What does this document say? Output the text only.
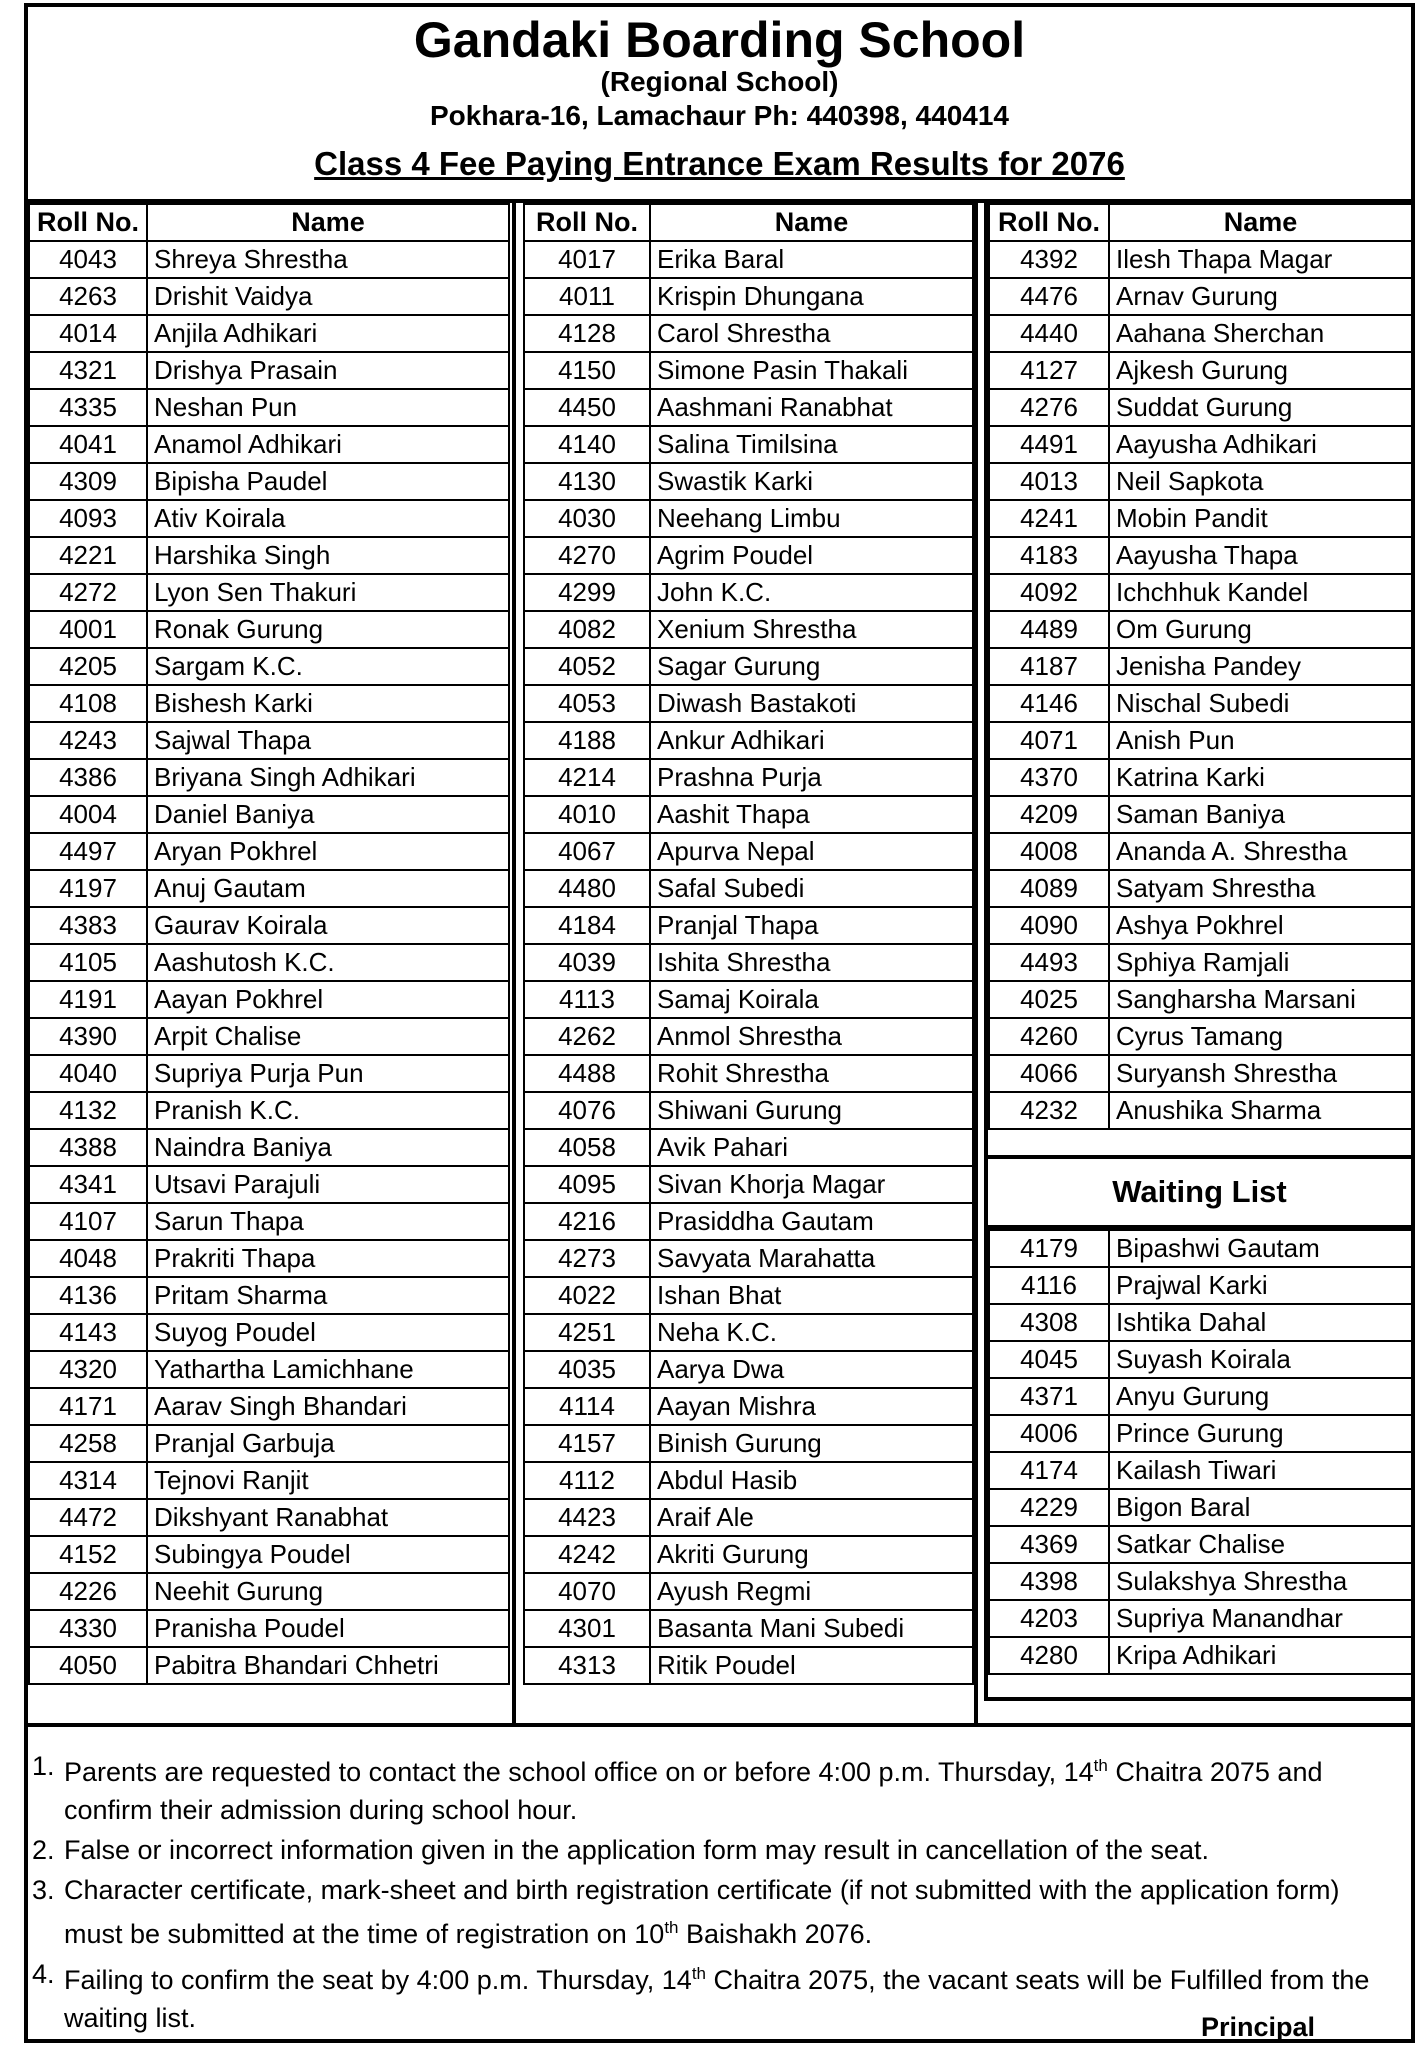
Gandaki Boarding School
(Regional School)
Pokhara-16, Lamachaur Ph: 440398, 440414
Class 4 Fee Paying Entrance Exam Results for 2076
Roll No.	Name
4043	Shreya Shrestha
4263	Drishit Vaidya
4014	Anjila Adhikari
4321	Drishya Prasain
4335	Neshan Pun
4041	Anamol Adhikari
4309	Bipisha Paudel
4093	Ativ Koirala
4221	Harshika Singh
4272	Lyon Sen Thakuri
4001	Ronak Gurung
4205	Sargam K.C.
4108	Bishesh Karki
4243	Sajwal Thapa
4386	Briyana Singh Adhikari
4004	Daniel Baniya
4497	Aryan Pokhrel
4197	Anuj Gautam
4383	Gaurav Koirala
4105	Aashutosh K.C.
4191	Aayan Pokhrel
4390	Arpit Chalise
4040	Supriya Purja Pun
4132	Pranish K.C.
4388	Naindra Baniya
4341	Utsavi Parajuli
4107	Sarun Thapa
4048	Prakriti Thapa
4136	Pritam Sharma
4143	Suyog Poudel
4320	Yathartha Lamichhane
4171	Aarav Singh Bhandari
4258	Pranjal Garbuja
4314	Tejnovi Ranjit
4472	Dikshyant Ranabhat
4152	Subingya Poudel
4226	Neehit Gurung
4330	Pranisha Poudel
4050	Pabitra Bhandari Chhetri
Roll No.	Name
4017	Erika Baral
4011	Krispin Dhungana
4128	Carol Shrestha
4150	Simone Pasin Thakali
4450	Aashmani Ranabhat
4140	Salina Timilsina
4130	Swastik Karki
4030	Neehang Limbu
4270	Agrim Poudel
4299	John K.C.
4082	Xenium Shrestha
4052	Sagar Gurung
4053	Diwash Bastakoti
4188	Ankur Adhikari
4214	Prashna Purja
4010	Aashit Thapa
4067	Apurva Nepal
4480	Safal Subedi
4184	Pranjal Thapa
4039	Ishita Shrestha
4113	Samaj Koirala
4262	Anmol Shrestha
4488	Rohit Shrestha
4076	Shiwani Gurung
4058	Avik Pahari
4095	Sivan Khorja Magar
4216	Prasiddha Gautam
4273	Savyata Marahatta
4022	Ishan Bhat
4251	Neha K.C.
4035	Aarya Dwa
4114	Aayan Mishra
4157	Binish Gurung
4112	Abdul Hasib
4423	Araif Ale
4242	Akriti Gurung
4070	Ayush Regmi
4301	Basanta Mani Subedi
4313	Ritik Poudel
Roll No.	Name
4392	Ilesh Thapa Magar
4476	Arnav Gurung
4440	Aahana Sherchan
4127	Ajkesh Gurung
4276	Suddat Gurung
4491	Aayusha Adhikari
4013	Neil Sapkota
4241	Mobin Pandit
4183	Aayusha Thapa
4092	Ichchhuk Kandel
4489	Om Gurung
4187	Jenisha Pandey
4146	Nischal Subedi
4071	Anish Pun
4370	Katrina Karki
4209	Saman Baniya
4008	Ananda A. Shrestha
4089	Satyam Shrestha
4090	Ashya Pokhrel
4493	Sphiya Ramjali
4025	Sangharsha Marsani
4260	Cyrus Tamang
4066	Suryansh Shrestha
4232	Anushika Sharma
Waiting List
4179	Bipashwi Gautam
4116	Prajwal Karki
4308	Ishtika Dahal
4045	Suyash Koirala
4371	Anyu Gurung
4006	Prince Gurung
4174	Kailash Tiwari
4229	Bigon Baral
4369	Satkar Chalise
4398	Sulakshya Shrestha
4203	Supriya Manandhar
4280	Kripa Adhikari
1. Parents are requested to contact the school office on or before 4:00 p.m. Thursday, 14th Chaitra 2075 and confirm their admission during school hour.
2. False or incorrect information given in the application form may result in cancellation of the seat.
3. Character certificate, mark-sheet and birth registration certificate (if not submitted with the application form) must be submitted at the time of registration on 10th Baishakh 2076.
4. Failing to confirm the seat by 4:00 p.m. Thursday, 14th Chaitra 2075, the vacant seats will be Fulfilled from the waiting list.	Principal
